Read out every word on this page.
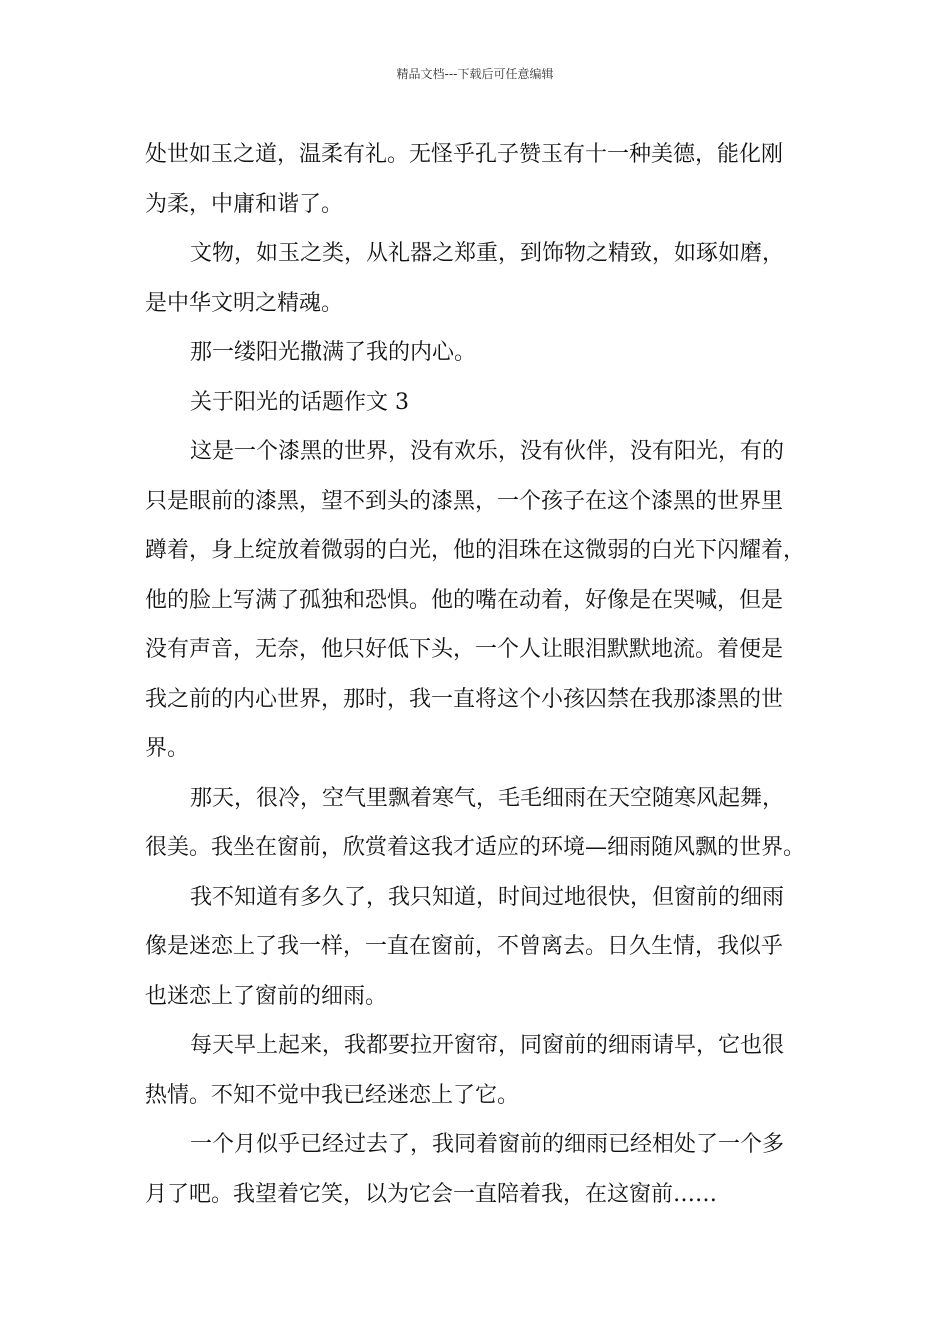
精品文档---下载后可任意编辑
处世如玉之道，温柔有礼。无怪乎孔子赞玉有十一种美德，能化刚
为柔，中庸和谐了。
文物，如玉之类，从礼器之郑重，到饰物之精致，如琢如磨，
是中华文明之精魂。
那一缕阳光撒满了我的内心。
关于阳光的话题作文 3
这是一个漆黑的世界，没有欢乐，没有伙伴，没有阳光，有的
只是眼前的漆黑，望不到头的漆黑，一个孩子在这个漆黑的世界里
蹲着，身上绽放着微弱的白光，他的泪珠在这微弱的白光下闪耀着，
他的脸上写满了孤独和恐惧。他的嘴在动着，好像是在哭喊，但是
没有声音，无奈，他只好低下头，一个人让眼泪默默地流。着便是
我之前的内心世界，那时，我一直将这个小孩囚禁在我那漆黑的世
界。
那天，很冷，空气里飘着寒气，毛毛细雨在天空随寒风起舞，
很美。我坐在窗前，欣赏着这我才适应的环境—细雨随风飘的世界。
我不知道有多久了，我只知道，时间过地很快，但窗前的细雨
像是迷恋上了我一样，一直在窗前，不曾离去。日久生情，我似乎
也迷恋上了窗前的细雨。
每天早上起来，我都要拉开窗帘，同窗前的细雨请早，它也很
热情。不知不觉中我已经迷恋上了它。
一个月似乎已经过去了，我同着窗前的细雨已经相处了一个多
月了吧。我望着它笑，以为它会一直陪着我，在这窗前……
